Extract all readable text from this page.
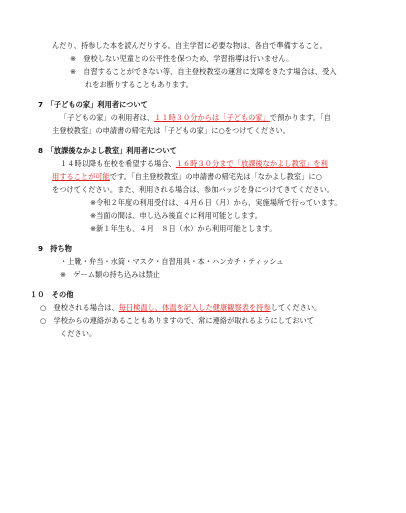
んだり、持参した本を読んだりする。自主学習に必要な物は、各自で準備すること。
※　登校しない児童との公平性を保つため、学習指導は行いません。
※　自習することができない等、自主登校教室の運営に支障をきたす場合は、受入
れをお断りすることもあります。
7　「子どもの家」利用者について
「子どもの家」の利用者は、１１時３０分からは「子どもの家」で預かります。「自
主登校教室」の申請書の帰宅先は「子どもの家」に○をつけてください。
8　「放課後なかよし教室」利用者について
１４時以降も在校を希望する場合、１６時３０分まで「放課後なかよし教室」を利
用することが可能です。「自主登校教室」の申請書の帰宅先は「なかよし教室」に○
をつけてください。また、利用される場合は、参加バッジを身につけてきてください。
※令和２年度の利用受付は、４月６日（月）から、実施場所で行っています。
※当面の間は、申し込み後直ぐに利用可能とします。
※新１年生も、４月　８日（水）から利用可能とします。
9　持ち物
・上靴・弁当・水筒・マスク・自習用具・本・ハンカチ・ティッシュ
※　ゲーム類の持ち込みは禁止
１０　その他
○　登校される場合は、毎日検温し、体温を記入した健康観察表を持参してください。
○　学校からの連絡があることもありますので、常に連絡が取れるようにしておいて
ください。
